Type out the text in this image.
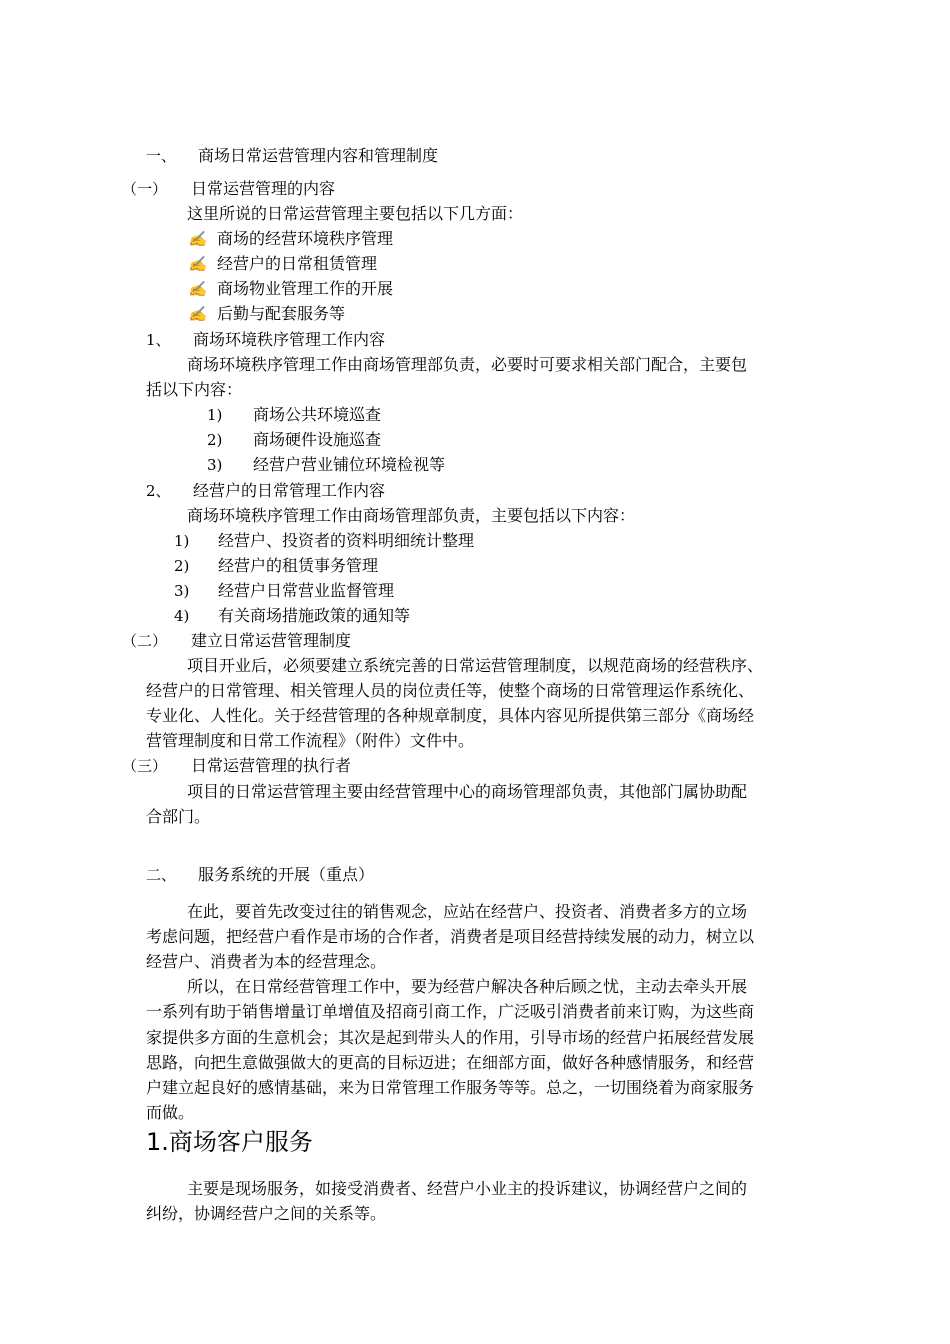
一、 商场日常运营管理内容和管理制度
（一） 日常运营管理的内容
这里所说的日常运营管理主要包括以下几方面：
✍ 商场的经营环境秩序管理
✍ 经营户的日常租赁管理
✍ 商场物业管理工作的开展
✍ 后勤与配套服务等
1、 商场环境秩序管理工作内容
商场环境秩序管理工作由商场管理部负责，必要时可要求相关部门配合，主要包
括以下内容：
1) 商场公共环境巡查
2) 商场硬件设施巡查
3) 经营户营业铺位环境检视等
2、 经营户的日常管理工作内容
商场环境秩序管理工作由商场管理部负责，主要包括以下内容：
1) 经营户、投资者的资料明细统计整理
2) 经营户的租赁事务管理
3) 经营户日常营业监督管理
4) 有关商场措施政策的通知等
（二） 建立日常运营管理制度
项目开业后，必须要建立系统完善的日常运营管理制度，以规范商场的经营秩序、
经营户的日常管理、相关管理人员的岗位责任等，使整个商场的日常管理运作系统化、
专业化、人性化。关于经营管理的各种规章制度，具体内容见所提供第三部分《商场经
营管理制度和日常工作流程》（附件）文件中。
（三） 日常运营管理的执行者
项目的日常运营管理主要由经营管理中心的商场管理部负责，其他部门属协助配
合部门。
二、 服务系统的开展（重点）
在此，要首先改变过往的销售观念，应站在经营户、投资者、消费者多方的立场
考虑问题，把经营户看作是市场的合作者，消费者是项目经营持续发展的动力，树立以
经营户、消费者为本的经营理念。
所以，在日常经营管理工作中，要为经营户解决各种后顾之忧，主动去牵头开展
一系列有助于销售增量订单增值及招商引商工作，广泛吸引消费者前来订购，为这些商
家提供多方面的生意机会；其次是起到带头人的作用，引导市场的经营户拓展经营发展
思路，向把生意做强做大的更高的目标迈进；在细部方面，做好各种感情服务，和经营
户建立起良好的感情基础，来为日常管理工作服务等等。总之，一切围绕着为商家服务
而做。
1.商场客户服务
主要是现场服务，如接受消费者、经营户小业主的投诉建议，协调经营户之间的
纠纷，协调经营户之间的关系等。
